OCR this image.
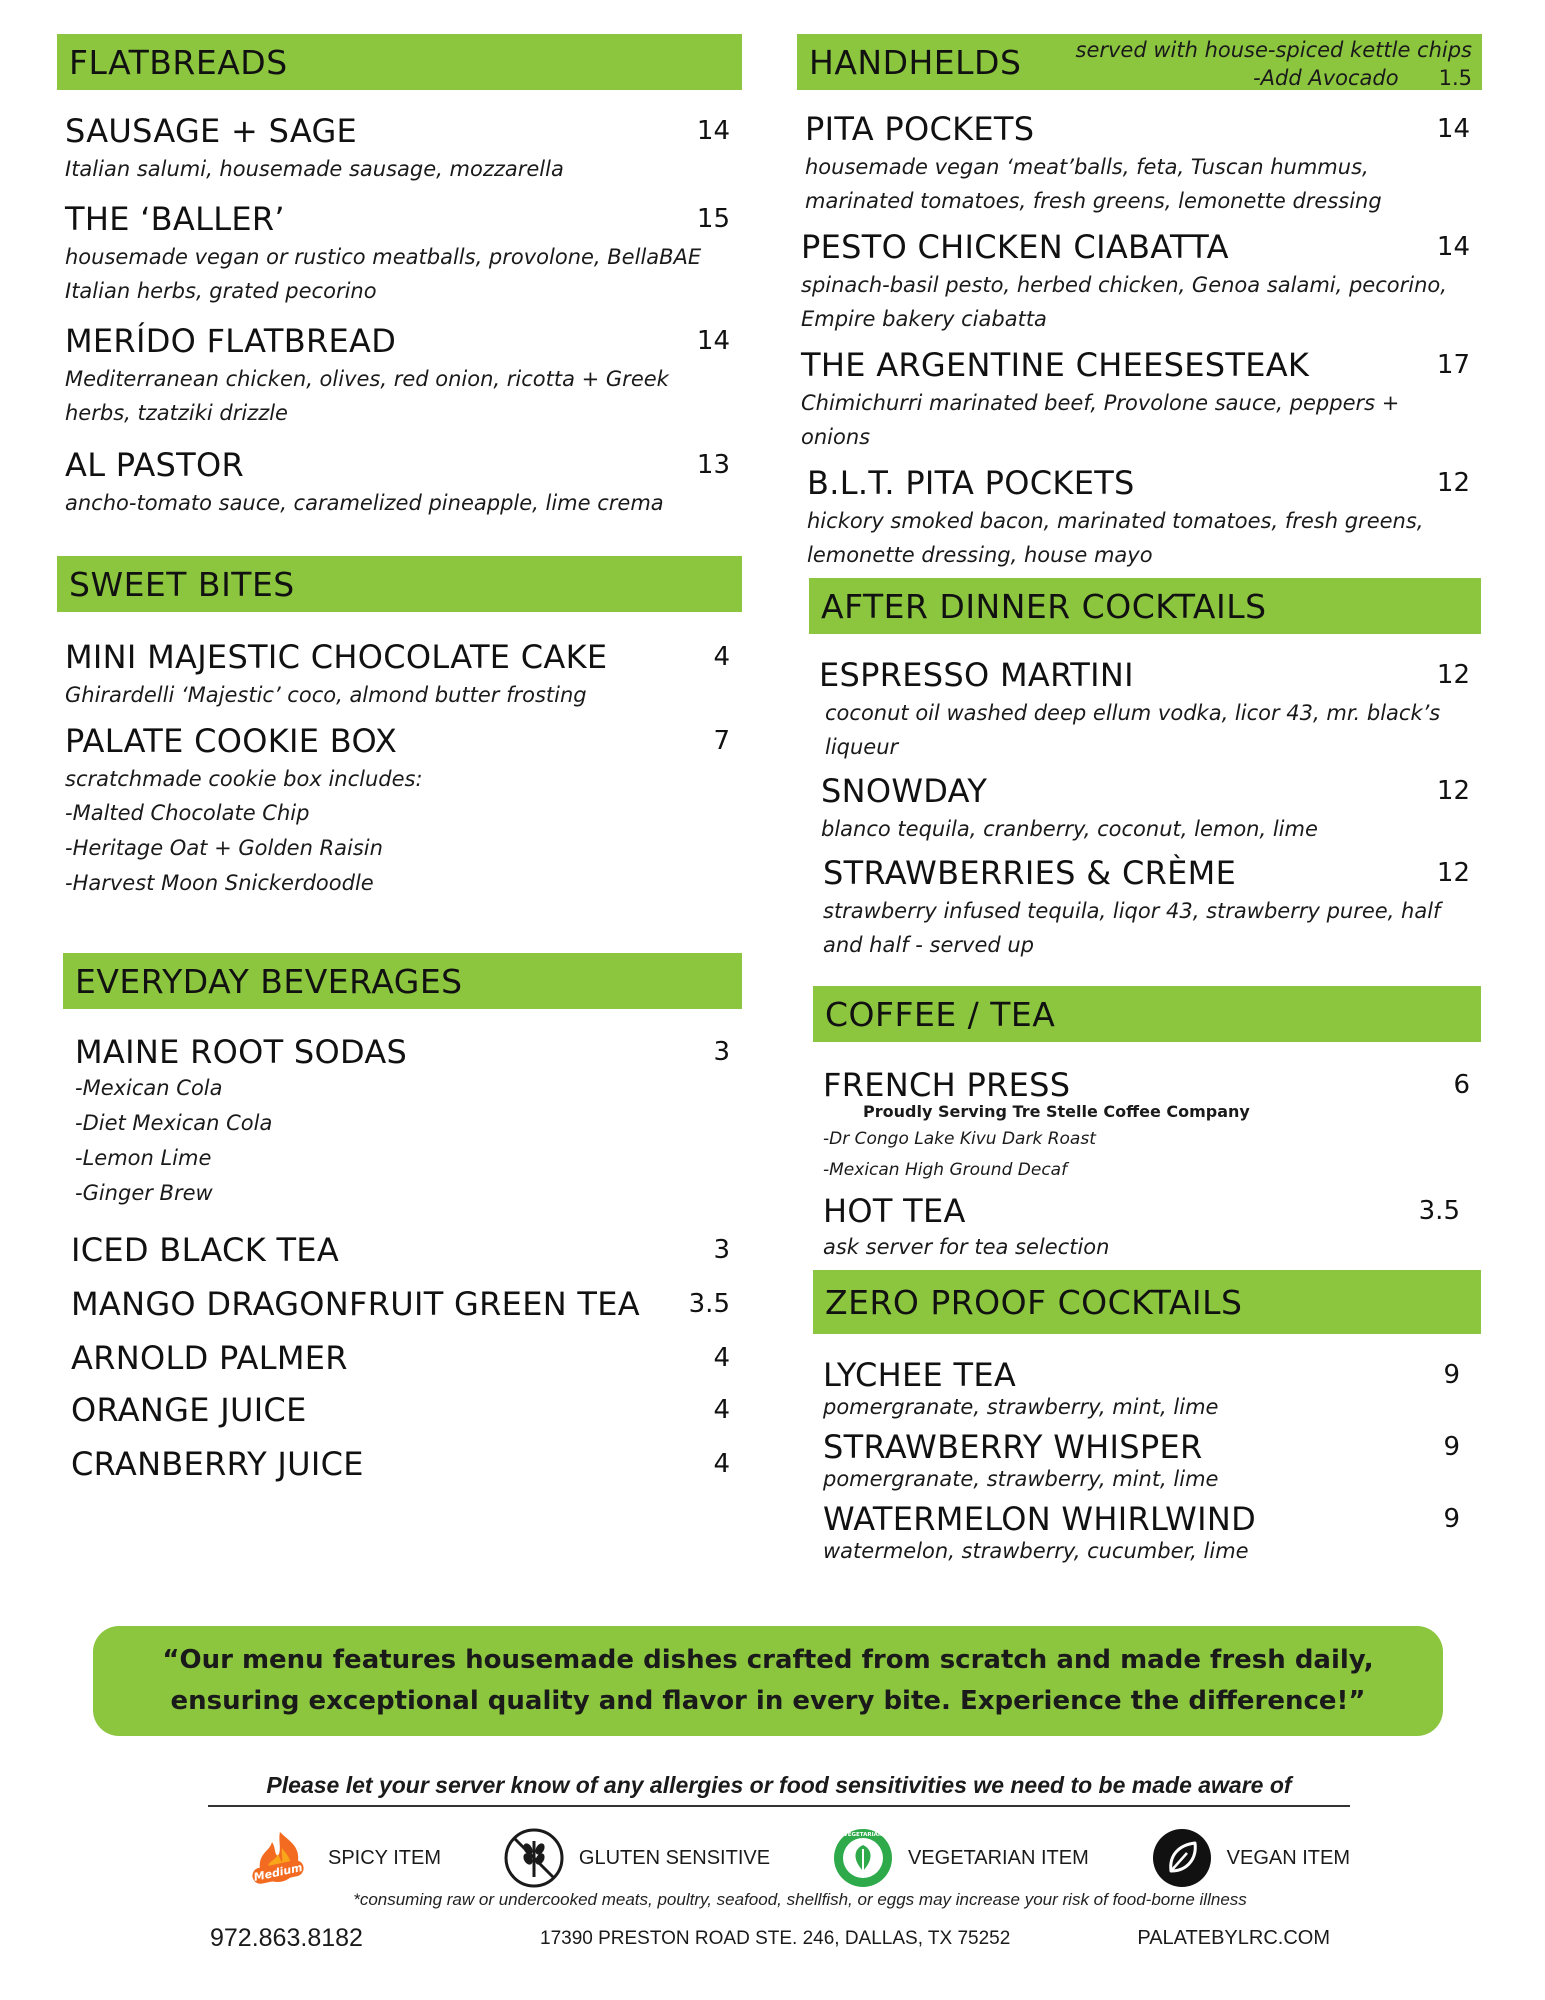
FLATBREADS
SAUSAGE + SAGE	14
Italian salumi, housemade sausage, mozzarella
THE ‘BALLER’	15
housemade vegan or rustico meatballs, provolone, BellaBAE Italian herbs, grated pecorino
MERÍDO FLATBREAD	14
Mediterranean chicken, olives, red onion, ricotta + Greek herbs, tzatziki drizzle
AL PASTOR	13
ancho-tomato sauce, caramelized pineapple, lime crema
SWEET BITES
MINI MAJESTIC CHOCOLATE CAKE	4
Ghirardelli ‘Majestic’ coco, almond butter frosting
PALATE COOKIE BOX	7
scratchmade cookie box includes:
-Malted Chocolate Chip
-Heritage Oat + Golden Raisin
-Harvest Moon Snickerdoodle
EVERYDAY BEVERAGES
MAINE ROOT SODAS	3
-Mexican Cola
-Diet Mexican Cola
-Lemon Lime
-Ginger Brew
ICED BLACK TEA	3
MANGO DRAGONFRUIT GREEN TEA 3.5
ARNOLD PALMER	4
ORANGE JUICE	4
CRANBERRY JUICE	4
HANDHELDS	served with house-spiced kettle chips
-Add Avocado 1.5
PITA POCKETS	14
housemade vegan ‘meat’balls, feta, Tuscan hummus, marinated tomatoes, fresh greens, lemonette dressing
PESTO CHICKEN CIABATTA	14
spinach-basil pesto, herbed chicken, Genoa salami, pecorino, Empire bakery ciabatta
THE ARGENTINE CHEESESTEAK	17
Chimichurri marinated beef, Provolone sauce, peppers + onions
B.L.T. PITA POCKETS	12
hickory smoked bacon, marinated tomatoes, fresh greens, lemonette dressing, house mayo
AFTER DINNER COCKTAILS
ESPRESSO MARTINI	12
coconut oil washed deep ellum vodka, licor 43, mr. black’s liqueur
SNOWDAY	12
blanco tequila, cranberry, coconut, lemon, lime
STRAWBERRIES & CRÈME	12
strawberry infused tequila, liqor 43, strawberry puree, half and half - served up
COFFEE / TEA
FRENCH PRESS	6
Proudly Serving Tre Stelle Coffee Company
-Dr Congo Lake Kivu Dark Roast
-Mexican High Ground Decaf
HOT TEA	3.5
ask server for tea selection
ZERO PROOF COCKTAILS
LYCHEE TEA	9
pomergranate, strawberry, mint, lime
STRAWBERRY WHISPER	9
pomergranate, strawberry, mint, lime
WATERMELON WHIRLWIND	9
watermelon, strawberry, cucumber, lime
“Our menu features housemade dishes crafted from scratch and made fresh daily, ensuring exceptional quality and flavor in every bite. Experience the difference!”
Please let your server know of any allergies or food sensitivities we need to be made aware of
Medium
SPICY ITEM	GLUTEN SENSITIVE
VEGETARIAN
VEGETARIAN ITEM	VEGAN ITEM
*consuming raw or undercooked meats, poultry, seafood, shellfish, or eggs may increase your risk of food-borne illness
972.863.8182	17390 PRESTON ROAD STE. 246, DALLAS, TX 75252	PALATEBYLRC.COM
